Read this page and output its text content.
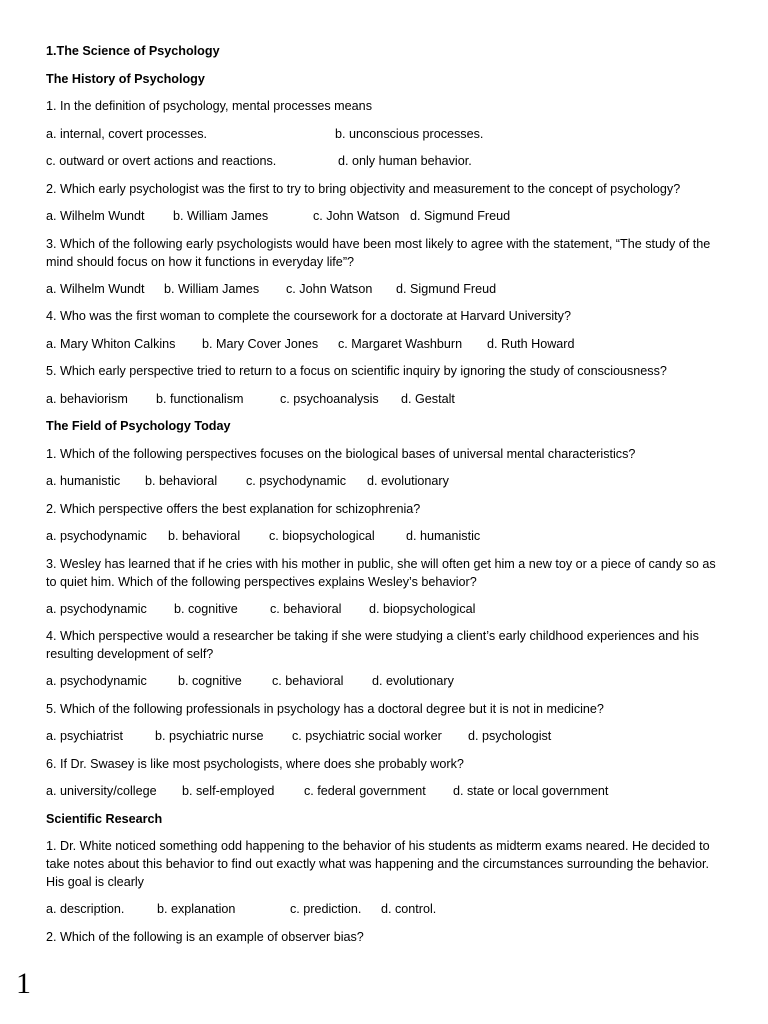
1.The Science of Psychology
The History of Psychology
1. In the definition of psychology, mental processes means
a. internal, covert processes.	b. unconscious processes.
c. outward or overt actions and reactions.	d. only human behavior.
2. Which early psychologist was the first to try to bring objectivity and measurement to the concept of psychology?
a. Wilhelm Wundt b. William James	c. John Watson d. Sigmund Freud
3. Which of the following early psychologists would have been most likely to agree with the statement, “The study of the mind should focus on how it functions in everyday life”?
a. Wilhelm Wundt b. William James c. John Watson d. Sigmund Freud
4. Who was the first woman to complete the coursework for a doctorate at Harvard University?
a. Mary Whiton Calkins b. Mary Cover Jones c. Margaret Washburn d. Ruth Howard
5. Which early perspective tried to return to a focus on scientific inquiry by ignoring the study of consciousness?
a. behaviorism b. functionalism	c. psychoanalysis d. Gestalt
The Field of Psychology Today
1. Which of the following perspectives focuses on the biological bases of universal mental characteristics?
a. humanistic b. behavioral c. psychodynamic d. evolutionary
2. Which perspective offers the best explanation for schizophrenia?
a. psychodynamic b. behavioral c. biopsychological d. humanistic
3. Wesley has learned that if he cries with his mother in public, she will often get him a new toy or a piece of candy so as to quiet him. Which of the following perspectives explains Wesley’s behavior?
a. psychodynamic b. cognitive	c. behavioral d. biopsychological
4. Which perspective would a researcher be taking if she were studying a client’s early childhood experiences and his resulting development of self?
a. psychodynamic b. cognitive c. behavioral d. evolutionary
5. Which of the following professionals in psychology has a doctoral degree but it is not in medicine?
a. psychiatrist	b. psychiatric nurse c. psychiatric social worker d. psychologist
6. If Dr. Swasey is like most psychologists, where does she probably work?
a. university/college b. self-employed c. federal government d. state or local government
Scientific Research
1. Dr. White noticed something odd happening to the behavior of his students as midterm exams neared. He decided to take notes about this behavior to find out exactly what was happening and the circumstances surrounding the behavior. His goal is clearly
a. description.	b. explanation	c. prediction. d. control.
2. Which of the following is an example of observer bias?
1
